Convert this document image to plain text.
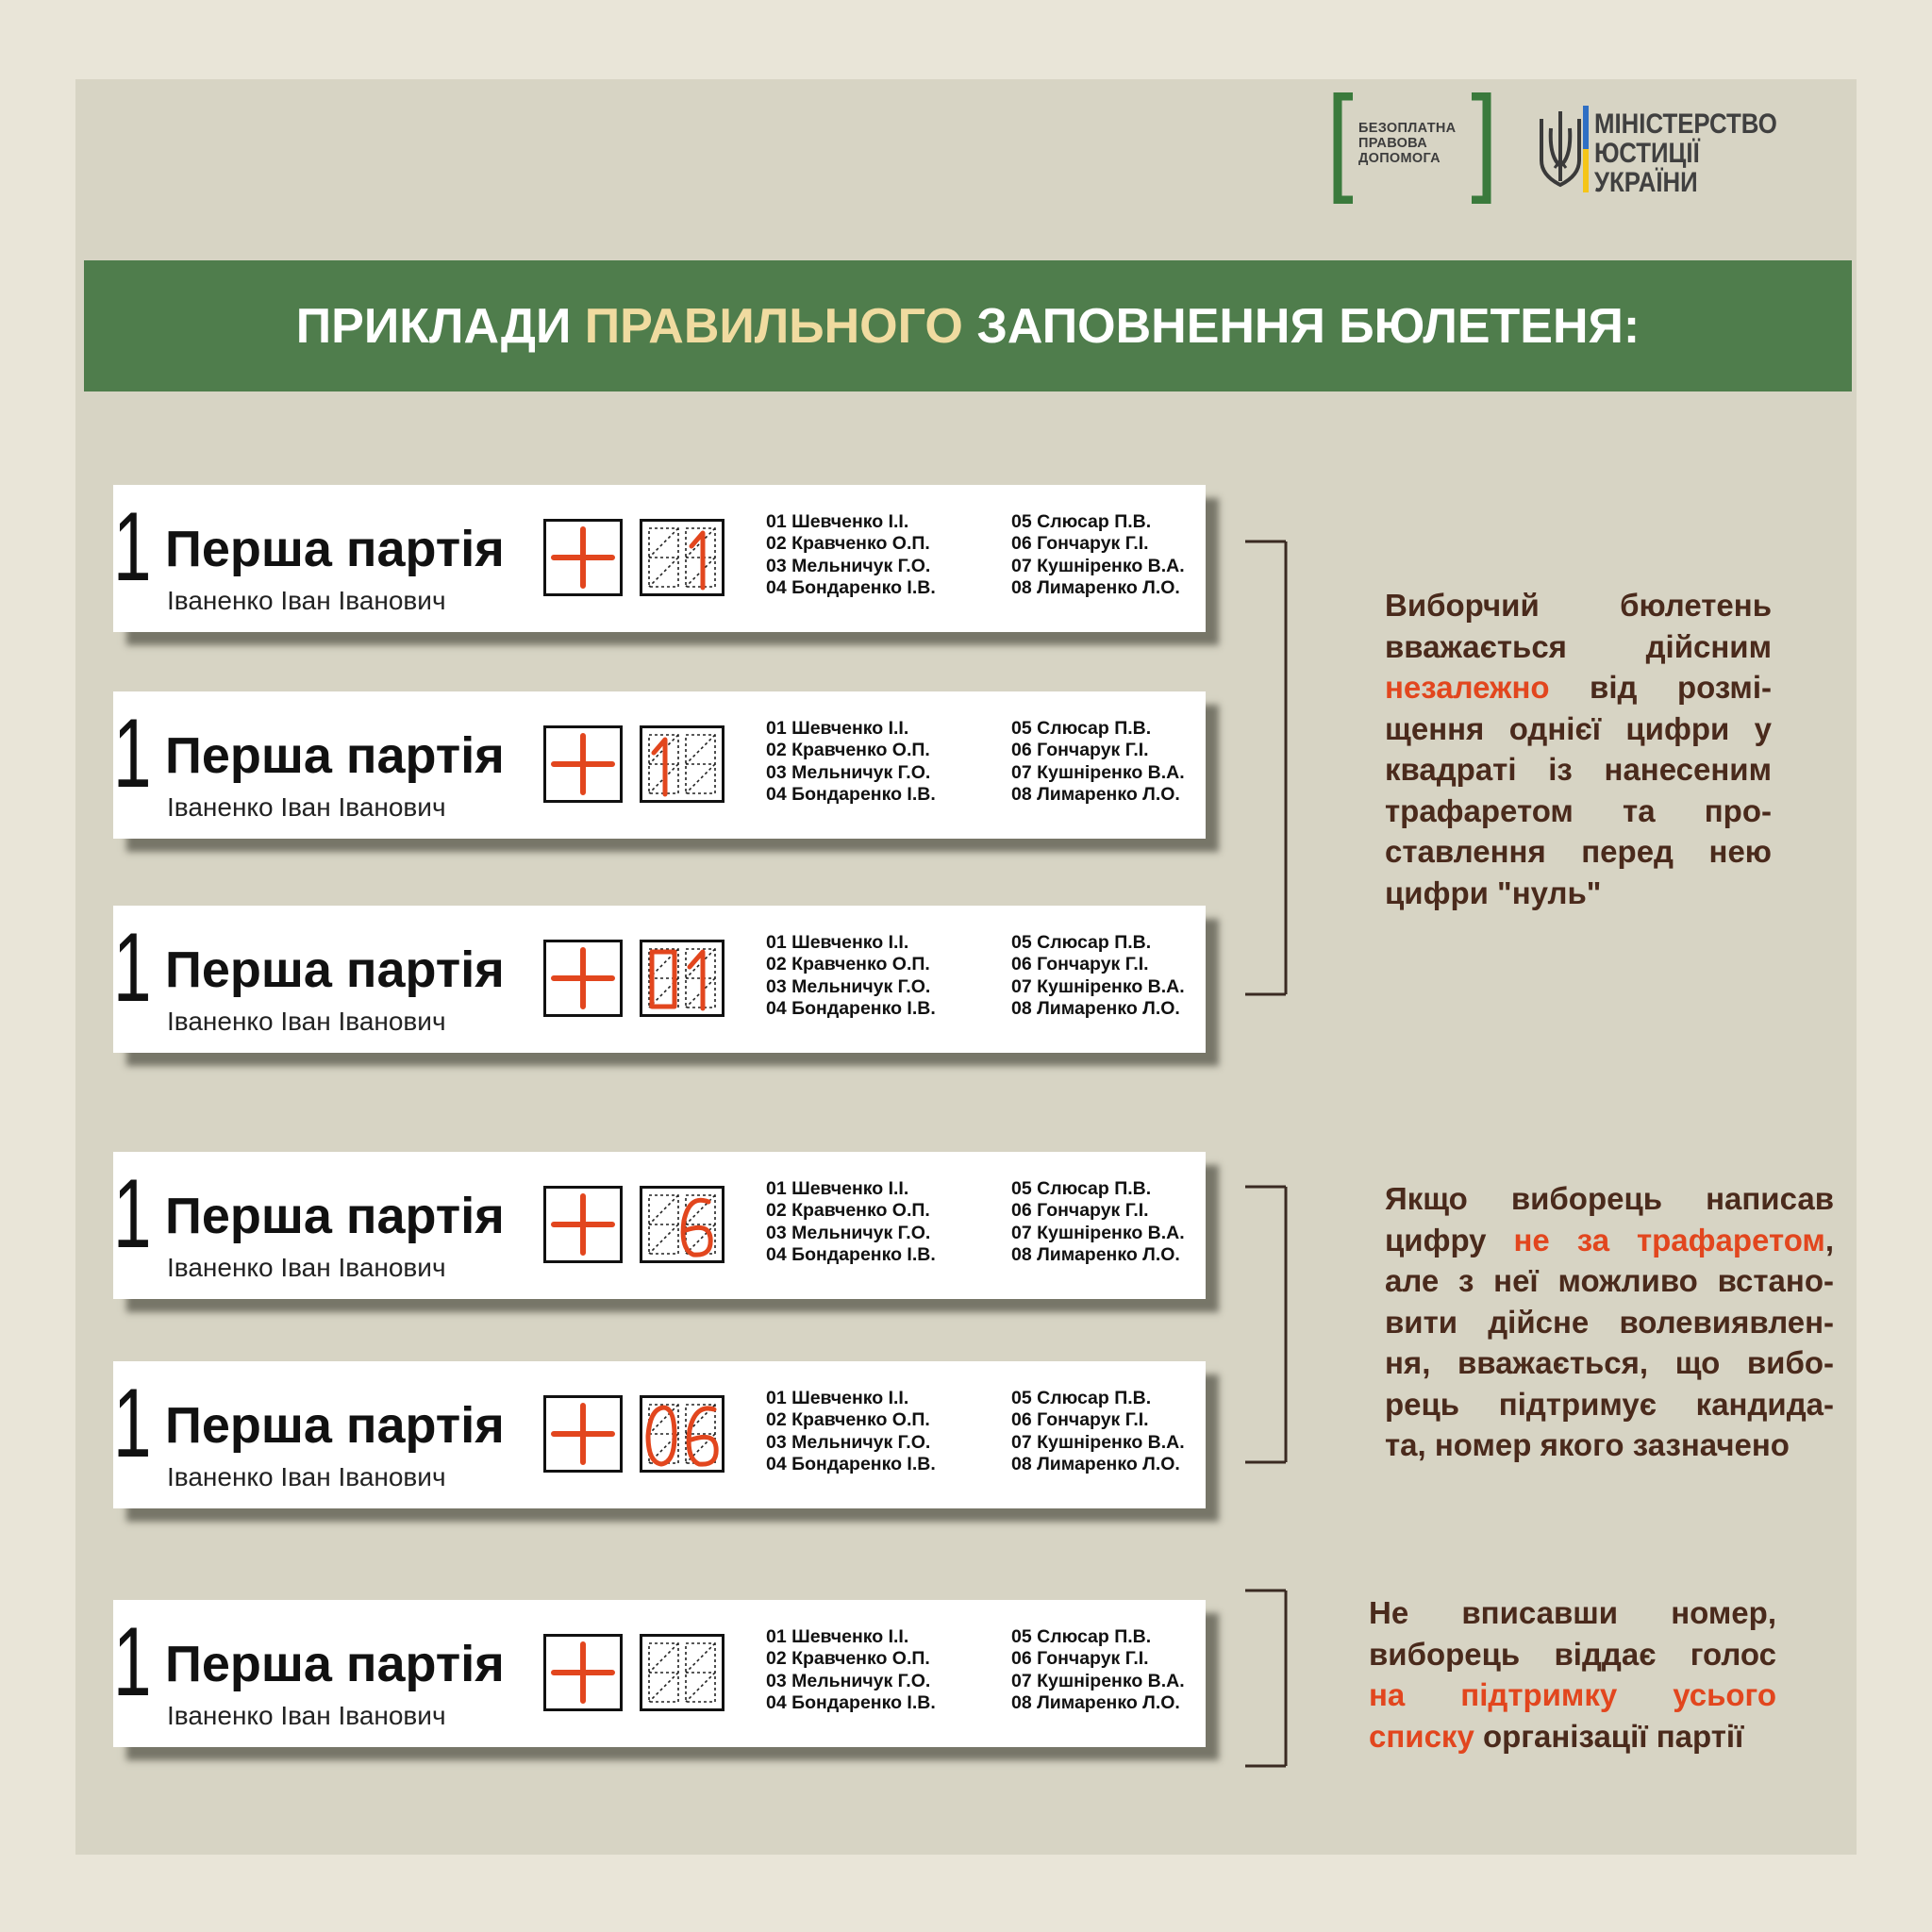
БЕЗОПЛАТНА
ПРАВОВА
ДОПОМОГА
МІНІСТЕРСТВО
ЮСТИЦІЇ УКРАЇНИ
ПРИКЛАДИ
ПРАВИЛЬНОГО
ЗАПОВНЕННЯ БЮЛЕТЕНЯ:
1 Перша партія
Іваненко Іван Іванович
01 Шевченко І.І.
02 Кравченко О.П.
03 Мельничук Г.О.
04 Бондаренко І.В.
05 Слюсар П.В.
06 Гончарук Г.І.
07 Кушніренко В.А.
08 Лимаренко Л.О.
1 Перша партія
Іваненко Іван Іванович
01 Шевченко І.І.
02 Кравченко О.П.
03 Мельничук Г.О.
04 Бондаренко І.В.
05 Слюсар П.В.
06 Гончарук Г.І.
07 Кушніренко В.А.
08 Лимаренко Л.О.
1 Перша партія
Іваненко Іван Іванович
01 Шевченко І.І.
02 Кравченко О.П.
03 Мельничук Г.О.
04 Бондаренко І.В.
05 Слюсар П.В.
06 Гончарук Г.І.
07 Кушніренко В.А.
08 Лимаренко Л.О.
1 Перша партія
Іваненко Іван Іванович
01 Шевченко І.І.
02 Кравченко О.П.
03 Мельничук Г.О.
04 Бондаренко І.В.
05 Слюсар П.В.
06 Гончарук Г.І.
07 Кушніренко В.А.
08 Лимаренко Л.О.
1 Перша партія
Іваненко Іван Іванович
01 Шевченко І.І.
02 Кравченко О.П.
03 Мельничук Г.О.
04 Бондаренко І.В.
05 Слюсар П.В.
06 Гончарук Г.І.
07 Кушніренко В.А.
08 Лимаренко Л.О.
1 Перша партія
Іваненко Іван Іванович
01 Шевченко І.І.
02 Кравченко О.П.
03 Мельничук Г.О.
04 Бондаренко І.В.
05 Слюсар П.В.
06 Гончарук Г.І.
07 Кушніренко В.А.
08 Лимаренко Л.О.
Виборчий бюлетень
вважається дійсним
незалежно від розмі-
щення однієї цифри у
квадраті із нанесеним
трафаретом та про-
ставлення перед нею
цифри "нуль"
Якщо виборець написав
цифру не за трафаретом,
але з неї можливо встано-
вити дійсне волевиявлен-
ня, вважається, що вибо-
рець підтримує кандида-
та, номер якого зазначено
Не вписавши номер,
виборець віддає голос
на підтримку усього
списку організації партії
